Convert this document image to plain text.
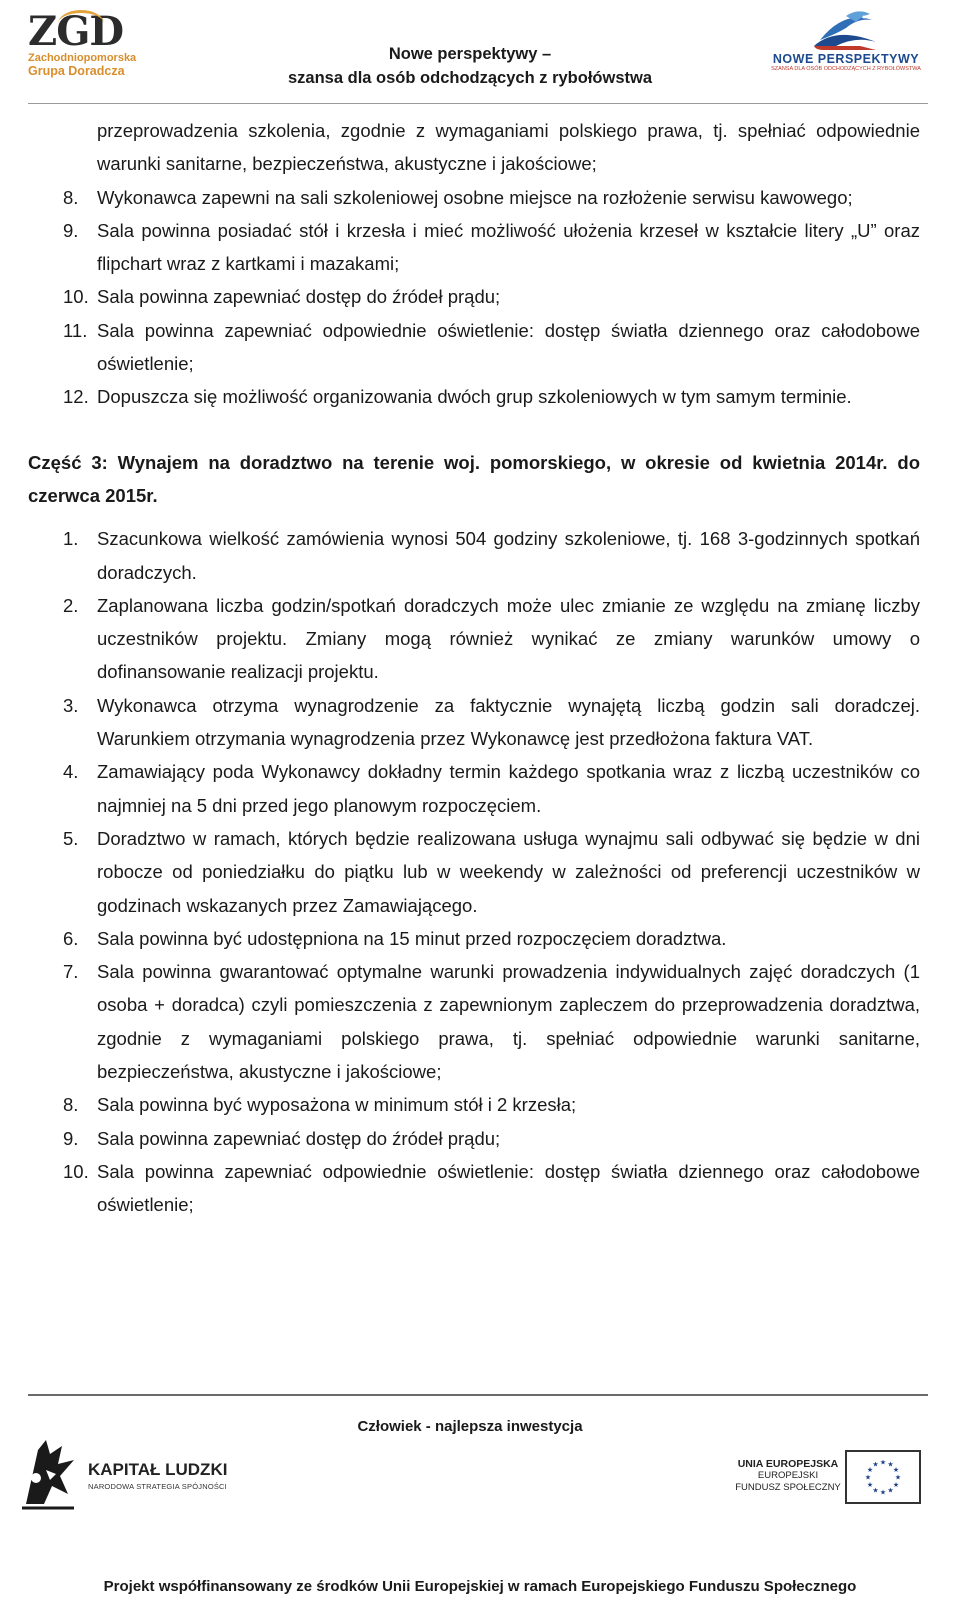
ZGD
Zachodniopomorska
Grupa Doradcza
Nowe perspektywy –
szansa dla osób odchodzących z rybołówstwa
NOWE PERSPEKTYWY
SZANSA DLA OSÓB ODCHODZĄCYCH Z RYBOŁÓWSTWA
przeprowadzenia szkolenia, zgodnie z wymaganiami polskiego prawa, tj. spełniać odpowiednie warunki sanitarne, bezpieczeństwa, akustyczne i jakościowe;
8.	Wykonawca zapewni na sali szkoleniowej osobne miejsce na rozłożenie serwisu kawowego;
9.	Sala powinna posiadać stół i krzesła i mieć możliwość ułożenia krzeseł w kształcie litery „U” oraz flipchart wraz z kartkami i mazakami;
10. Sala powinna zapewniać dostęp do źródeł prądu;
11. Sala powinna zapewniać odpowiednie oświetlenie: dostęp światła dziennego oraz całodobowe oświetlenie;
12. Dopuszcza się możliwość organizowania dwóch grup szkoleniowych w tym samym terminie.
Część 3: Wynajem na doradztwo na terenie woj. pomorskiego, w okresie od kwietnia 2014r. do czerwca 2015r.
1.	Szacunkowa wielkość zamówienia wynosi 504 godziny szkoleniowe, tj. 168 3-godzinnych spotkań doradczych.
2.	Zaplanowana liczba godzin/spotkań doradczych może ulec zmianie ze względu na zmianę liczby uczestników projektu. Zmiany mogą również wynikać ze zmiany warunków umowy o dofinansowanie realizacji projektu.
3.	Wykonawca otrzyma wynagrodzenie za faktycznie wynajętą liczbą godzin sali doradczej. Warunkiem otrzymania wynagrodzenia przez Wykonawcę jest przedłożona faktura VAT.
4.	Zamawiający poda Wykonawcy dokładny termin każdego spotkania wraz z liczbą uczestników co najmniej na 5 dni przed jego planowym rozpoczęciem.
5.	Doradztwo w ramach, których będzie realizowana usługa wynajmu sali odbywać się będzie w dni robocze od poniedziałku do piątku lub w weekendy w zależności od preferencji uczestników w godzinach wskazanych przez Zamawiającego.
6.	Sala powinna być udostępniona na 15 minut przed rozpoczęciem doradztwa.
7.	Sala powinna gwarantować optymalne warunki prowadzenia indywidualnych zajęć doradczych (1 osoba + doradca) czyli pomieszczenia z zapewnionym zapleczem do przeprowadzenia doradztwa, zgodnie z wymaganiami polskiego prawa, tj. spełniać odpowiednie warunki sanitarne, bezpieczeństwa, akustyczne i jakościowe;
8.	Sala powinna być wyposażona w minimum stół i 2 krzesła;
9.	Sala powinna zapewniać dostęp do źródeł prądu;
10. Sala powinna zapewniać odpowiednie oświetlenie: dostęp światła dziennego oraz całodobowe oświetlenie;
Człowiek - najlepsza inwestycja
KAPITAŁ LUDZKI
NARODOWA STRATEGIA SPÓJNOŚCI
UNIA EUROPEJSKA
EUROPEJSKI
FUNDUSZ SPOŁECZNY
★
★
★
★
★
★
★
★
★ ★ ★
★
Projekt współfinansowany ze środków Unii Europejskiej w ramach Europejskiego Funduszu Społecznego
